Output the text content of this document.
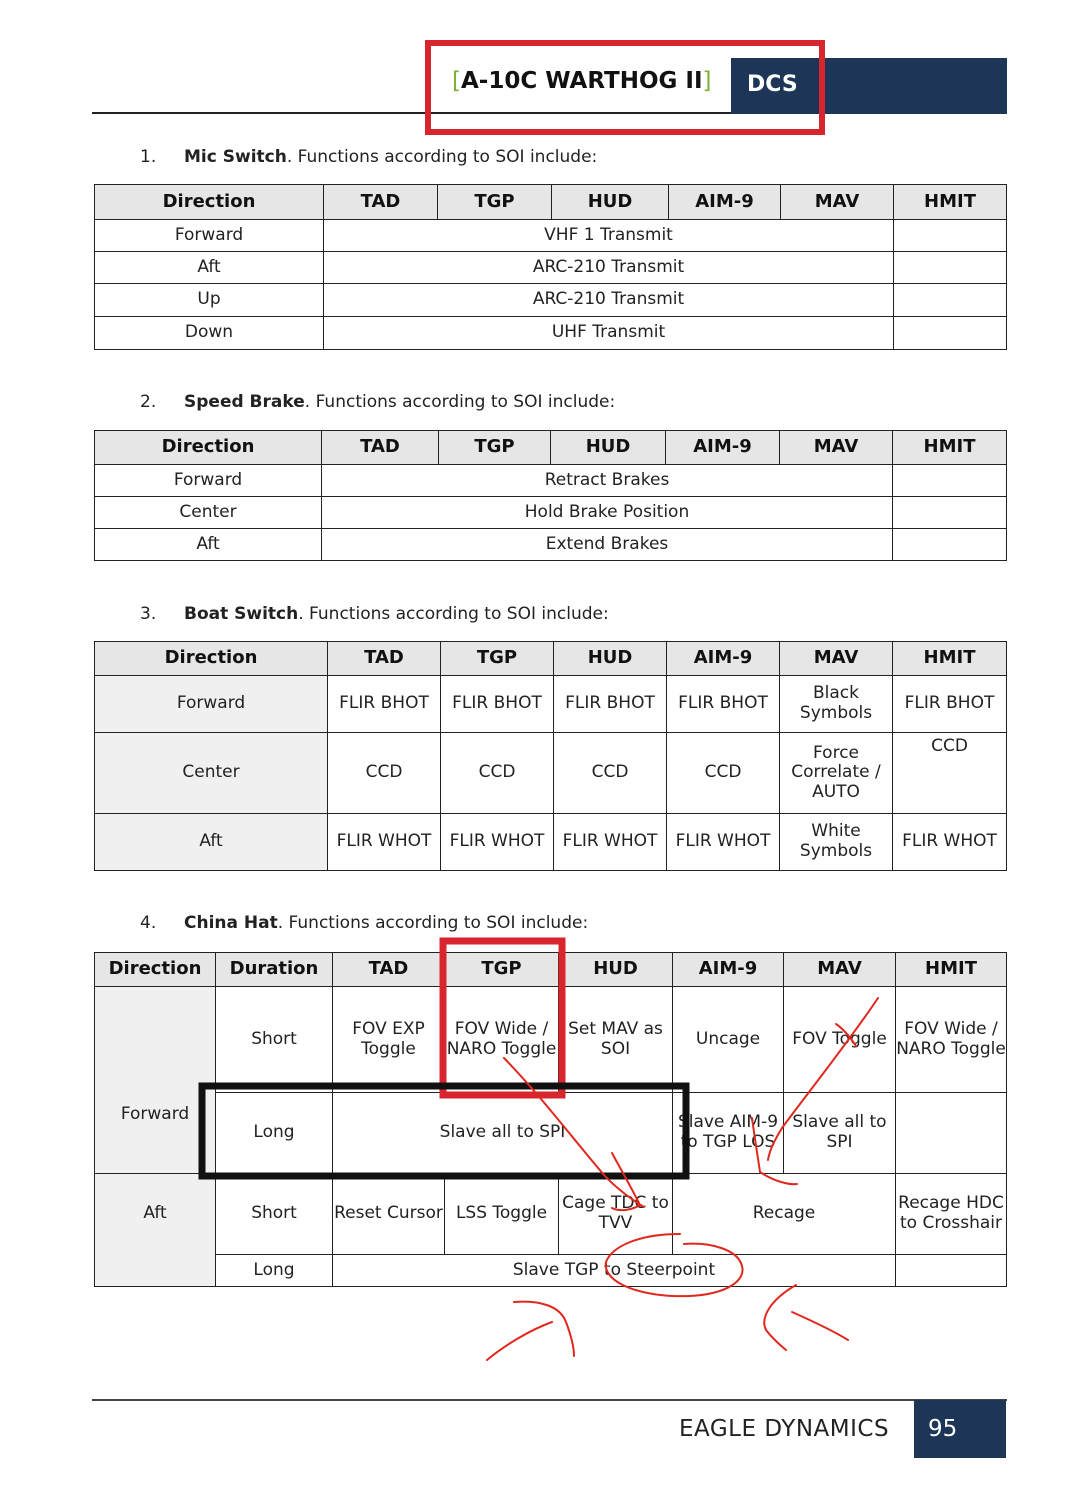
[A-10C WARTHOG II] DCS
1. Mic Switch. Functions according to SOI include:
Direction	TAD	TGP	HUD	AIM-9	MAV	HMIT
Forward	VHF 1 Transmit					
Aft	ARC-210 Transmit					
Up	ARC-210 Transmit					
Down	UHF Transmit					
2. Speed Brake. Functions according to SOI include:
Direction	TAD	TGP	HUD	AIM-9	MAV	HMIT
Forward	Retract Brakes					
Center	Hold Brake Position					
Aft	Extend Brakes					
3. Boat Switch. Functions according to SOI include:
Direction	TAD	TGP	HUD	AIM-9	MAV	HMIT
Forward	FLIR BHOT	FLIR BHOT	FLIR BHOT	FLIR BHOT	Black Symbols	FLIR BHOT
Center	CCD	CCD	CCD	CCD	Force Correlate / AUTO	CCD
Aft	FLIR WHOT	FLIR WHOT	FLIR WHOT	FLIR WHOT	White Symbols	FLIR WHOT
4. China Hat. Functions according to SOI include:
Direction	Duration	TAD	TGP	HUD	AIM-9	MAV	HMIT
Forward	Short	FOV EXP Toggle	FOV Wide / NARO Toggle	Set MAV as SOI	Uncage	FOV Toggle	FOV Wide / NARO Toggle
	Long	Slave all to SPI			Slave AIM-9 to TGP LOS	Slave all to SPI	
Aft	Short	Reset Cursor	LSS Toggle	Cage TDC to TVV	Recage		Recage HDC to Crosshair
	Long	Slave TGP to Steerpoint					
EAGLE DYNAMICS 95
